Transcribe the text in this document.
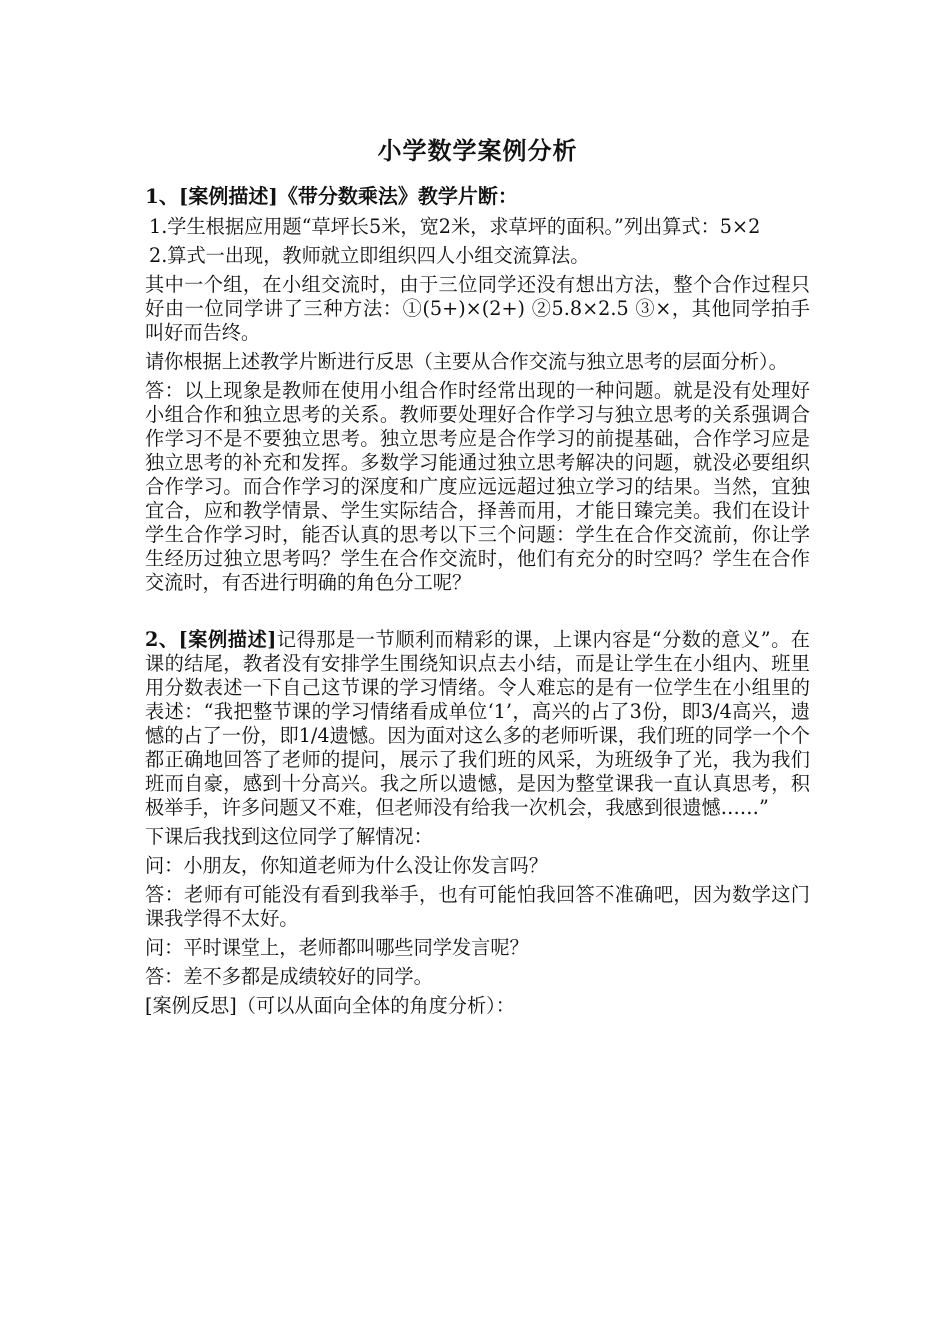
小学数学案例分析
1、[案例描述]《带分数乘法》教学片断：

1.学生根据应用题“草坪长5米，宽2米，求草坪的面积。”列出算式：5×2

2.算式一出现，教师就立即组织四人小组交流算法。

其中一个组，在小组交流时，由于三位同学还没有想出方法，整个合作过程只好由一位同学讲了三种方法：①(5+)×(2+) ②5.8×2.5 ③×，其他同学拍手叫好而告终。

请你根据上述教学片断进行反思（主要从合作交流与独立思考的层面分析）。

答：以上现象是教师在使用小组合作时经常出现的一种问题。就是没有处理好小组合作和独立思考的关系。教师要处理好合作学习与独立思考的关系强调合作学习不是不要独立思考。独立思考应是合作学习的前提基础，合作学习应是独立思考的补充和发挥。多数学习能通过独立思考解决的问题，就没必要组织合作学习。而合作学习的深度和广度应远远超过独立学习的结果。当然，宜独宜合，应和教学情景、学生实际结合，择善而用，才能日臻完美。我们在设计学生合作学习时，能否认真的思考以下三个问题：学生在合作交流前，你让学生经历过独立思考吗？学生在合作交流时，他们有充分的时空吗？学生在合作交流时，有否进行明确的角色分工呢？

2、[案例描述]记得那是一节顺利而精彩的课，上课内容是“分数的意义”。在课的结尾，教者没有安排学生围绕知识点去小结，而是让学生在小组内、班里用分数表述一下自己这节课的学习情绪。令人难忘的是有一位学生在小组里的表述：“我把整节课的学习情绪看成单位‘1’，高兴的占了3份，即3/4高兴，遗憾的占了一份，即1/4遗憾。因为面对这么多的老师听课，我们班的同学一个个都正确地回答了老师的提问，展示了我们班的风采，为班级争了光，我为我们班而自豪，感到十分高兴。我之所以遗憾，是因为整堂课我一直认真思考，积极举手，许多问题又不难，但老师没有给我一次机会，我感到很遗憾……”

下课后我找到这位同学了解情况：

问：小朋友，你知道老师为什么没让你发言吗？

答：老师有可能没有看到我举手，也有可能怕我回答不准确吧，因为数学这门课我学得不太好。

问：平时课堂上，老师都叫哪些同学发言呢？

答：差不多都是成绩较好的同学。

[案例反思]（可以从面向全体的角度分析）：
